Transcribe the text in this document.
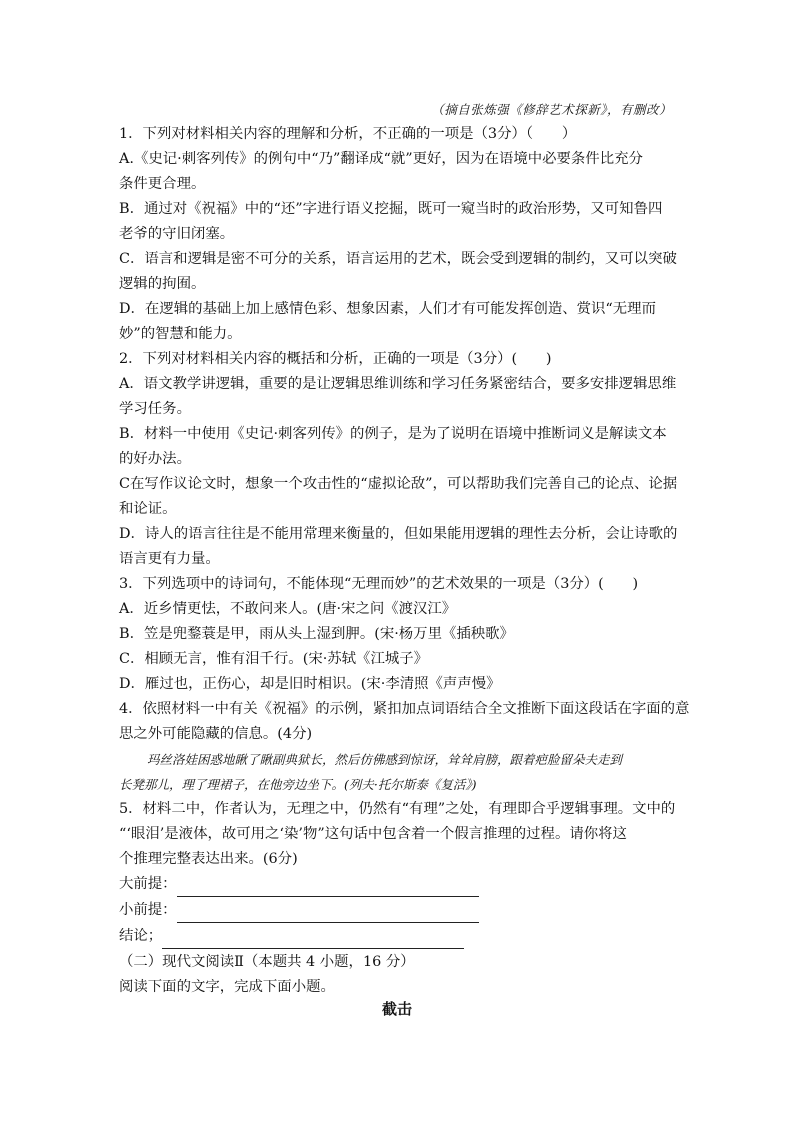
（摘自张炼强《修辞艺术探新》，有删改）
1．下列对材料相关内容的理解和分析，不正确的一项是（3分）（　　）
A.《史记·刺客列传》的例句中“乃”翻译成“就”更好，因为在语境中必要条件比充分
条件更合理。
B．通过对《祝福》中的“还”字进行语义挖掘，既可一窥当时的政治形势，又可知鲁四
老爷的守旧闭塞。
C．语言和逻辑是密不可分的关系，语言运用的艺术，既会受到逻辑的制约，又可以突破
逻辑的拘囿。
D．在逻辑的基础上加上感情色彩、想象因素，人们才有可能发挥创造、赏识“无理而
妙”的智慧和能力。
2．下列对材料相关内容的概括和分析，正确的一项是（3分）(　　)
A．语文教学讲逻辑，重要的是让逻辑思维训练和学习任务紧密结合，要多安排逻辑思维
学习任务。
B．材料一中使用《史记·刺客列传》的例子，是为了说明在语境中推断词义是解读文本
的好办法。
C在写作议论文时，想象一个攻击性的“虚拟论敌”，可以帮助我们完善自己的论点、论据
和论证。
D．诗人的语言往往是不能用常理来衡量的，但如果能用逻辑的理性去分析，会让诗歌的
语言更有力量。
3．下列选项中的诗词句，不能体现“无理而妙”的艺术效果的一项是（3分）(　　)
A．近乡情更怯，不敢问来人。(唐·宋之问《渡汉江》
B．笠是兜鍪蓑是甲，雨从头上湿到胛。(宋·杨万里《插秧歌》
C．相顾无言，惟有泪千行。(宋·苏轼《江城子》
D．雁过也，正伤心，却是旧时相识。(宋·李清照《声声慢》
4．依照材料一中有关《祝福》的示例，紧扣加点词语结合全文推断下面这段话在字面的意
思之外可能隐藏的信息。(4分)
玛丝洛娃困惑地瞅了瞅副典狱长，然后仿佛感到惊讶，耸耸肩膀，跟着疤脸留朵夫走到
长凳那儿，理了理裙子，在他旁边坐下。(列夫·托尔斯泰《复活》)
5．材料二中，作者认为，无理之中，仍然有“有理”之处，有理即合乎逻辑事理。文中的
“‘眼泪’是液体，故可用之‘染’物”这句话中包含着一个假言推理的过程。请你将这
个推理完整表达出来。(6分)
大前提：
小前提：
结论；
（二）现代文阅读Ⅱ（本题共 4 小题，16 分）
阅读下面的文字，完成下面小题。
截击
